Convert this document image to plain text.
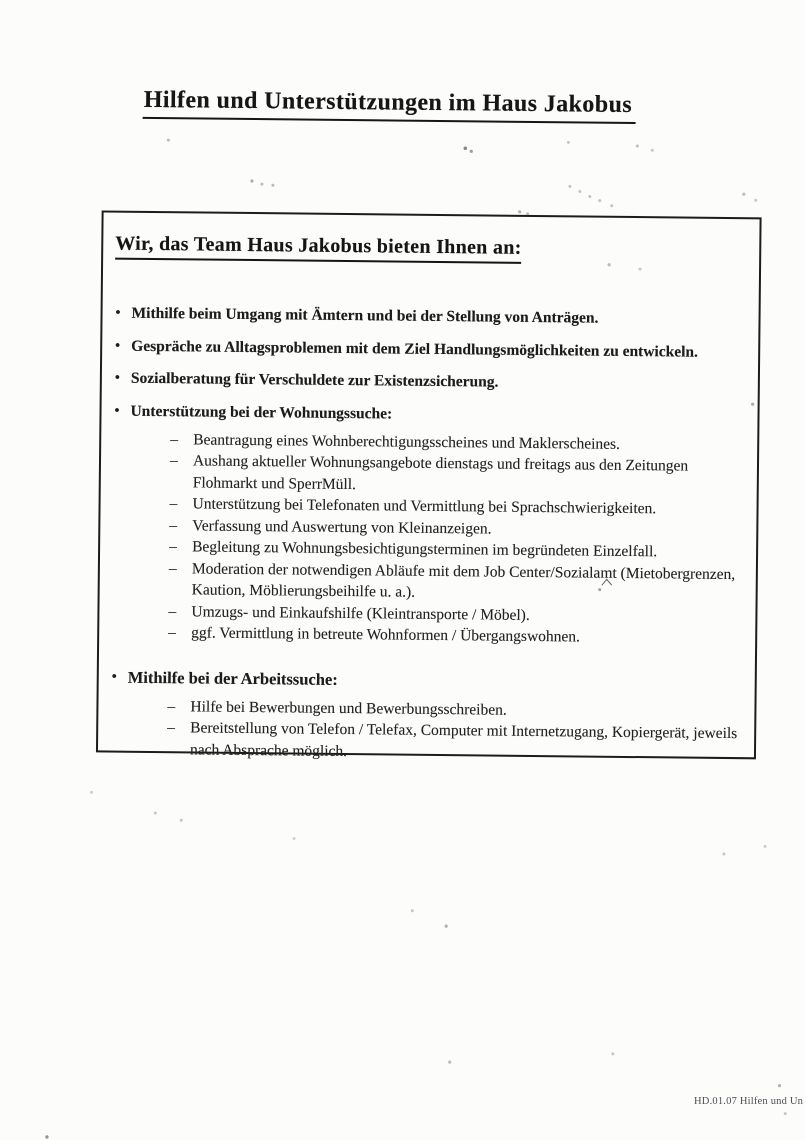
Hilfen und Unterstützungen im Haus Jakobus
Wir, das Team Haus Jakobus bieten Ihnen an:
• Mithilfe beim Umgang mit Ämtern und bei der Stellung von Anträgen.
• Gespräche zu Alltagsproblemen mit dem Ziel Handlungsmöglichkeiten zu entwickeln.
• Sozialberatung für Verschuldete zur Existenzsicherung.
• Unterstützung bei der Wohnungssuche:
– Beantragung eines Wohnberechtigungsscheines und Maklerscheines.
– Aushang aktueller Wohnungsangebote dienstags und freitags aus den Zeitungen Flohmarkt und SperrMüll.
– Unterstützung bei Telefonaten und Vermittlung bei Sprachschwierigkeiten.
– Verfassung und Auswertung von Kleinanzeigen.
– Begleitung zu Wohnungsbesichtigungsterminen im begründeten Einzelfall.
– Moderation der notwendigen Abläufe mit dem Job Center/Sozialamt (Mietobergrenzen, Kaution, Möblierungsbeihilfe u. a.).
– Umzugs- und Einkaufshilfe (Kleintransporte / Möbel).
– ggf. Vermittlung in betreute Wohnformen / Übergangswohnen.
• Mithilfe bei der Arbeitssuche:
– Hilfe bei Bewerbungen und Bewerbungsschreiben.
– Bereitstellung von Telefon / Telefax, Computer mit Internetzugang, Kopiergerät, jeweils nach Absprache möglich.
HD.01.07 Hilfen und Un
